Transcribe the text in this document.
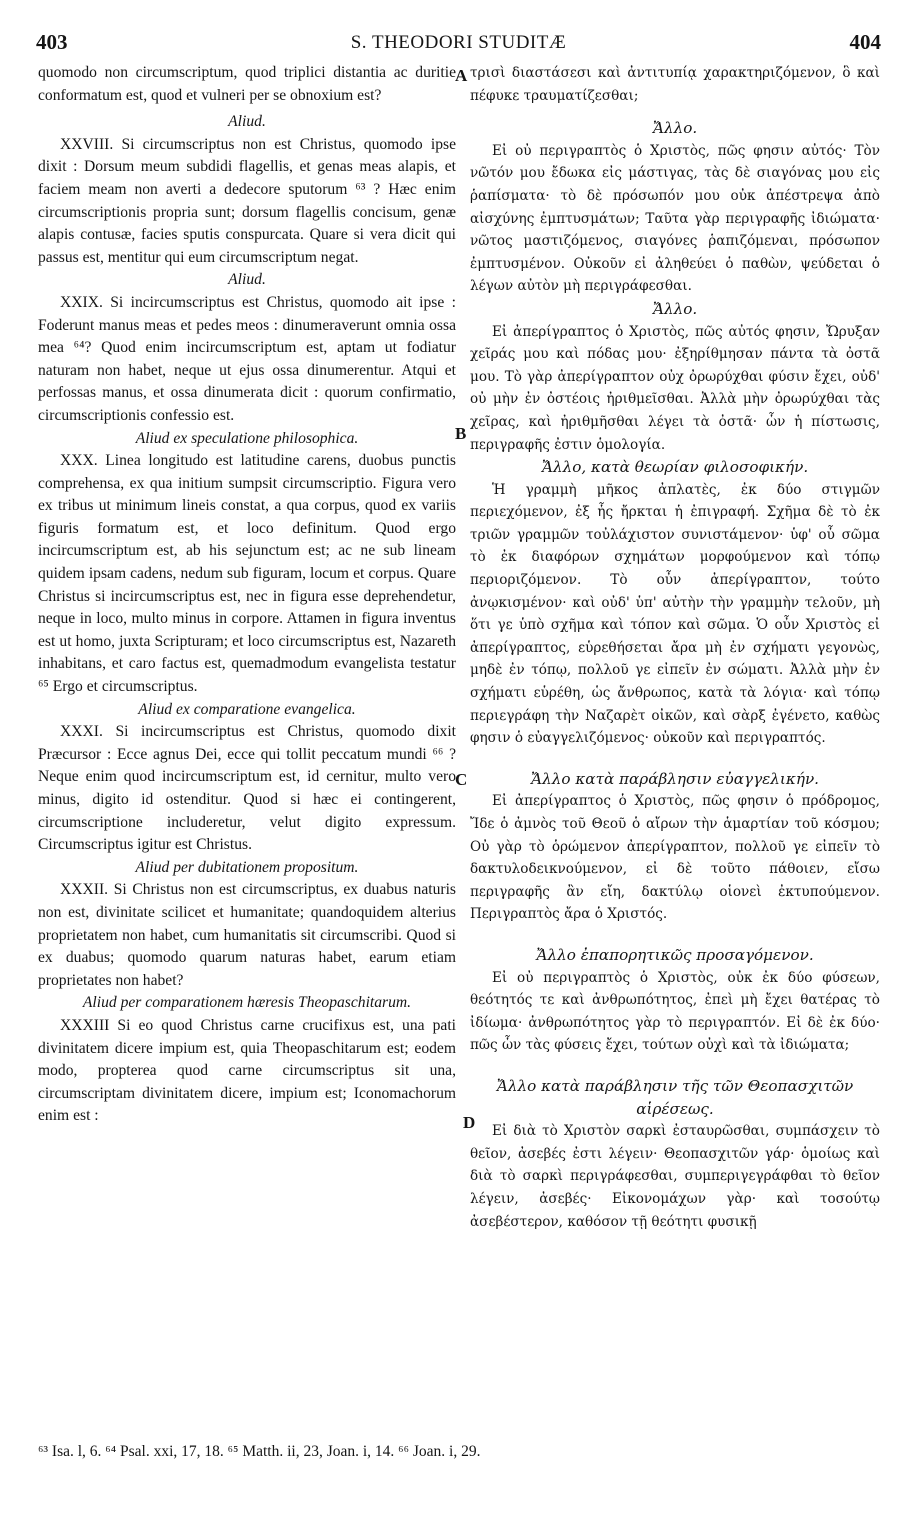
403	S. THEODORI STUDITÆ	404
A
B
C
D

quomodo non circumscriptum, quod triplici distantia ac duritie conformatum est, quod et vulneri per se obnoxium est?

Aliud.

XXVIII. Si circumscriptus non est Christus, quomodo ipse dixit : Dorsum meum subdidi flagellis, et genas meas alapis, et faciem meam non averti a dedecore sputorum ⁶³ ? Hæc enim circumscriptionis propria sunt; dorsum flagellis concisum, genæ alapis contusæ, facies sputis conspurcata. Quare si vera dicit qui passus est, mentitur qui eum circumscriptum negat.

Aliud.

XXIX. Si incircumscriptus est Christus, quomodo ait ipse : Foderunt manus meas et pedes meos : dinumeraverunt omnia ossa mea ⁶⁴? Quod enim incircumscriptum est, aptam ut fodiatur naturam non habet, neque ut ejus ossa dinumerentur. Atqui et perfossas manus, et ossa dinumerata dicit : quorum confirmatio, circumscriptionis confessio est.

Aliud ex speculatione philosophica.

XXX. Linea longitudo est latitudine carens, duobus punctis comprehensa, ex qua initium sumpsit circumscriptio. Figura vero ex tribus ut minimum lineis constat, a qua corpus, quod ex variis figuris formatum est, et loco definitum. Quod ergo incircumscriptum est, ab his sejunctum est; ac ne sub lineam quidem ipsam cadens, nedum sub figuram, locum et corpus. Quare Christus si incircumscriptus est, nec in figura esse deprehendetur, neque in loco, multo minus in corpore. Attamen in figura inventus est ut homo, juxta Scripturam; et loco circumscriptus est, Nazareth inhabitans, et caro factus est, quemadmodum evangelista testatur ⁶⁵ Ergo et circumscriptus.

Aliud ex comparatione evangelica.

XXXI. Si incircumscriptus est Christus, quomodo dixit Præcursor : Ecce agnus Dei, ecce qui tollit peccatum mundi ⁶⁶ ? Neque enim quod incircumscriptum est, id cernitur, multo vero minus, digito id ostenditur. Quod si hæc ei contingerent, circumscriptione includeretur, velut digito expressum. Circumscriptus igitur est Christus.

Aliud per dubitationem propositum.

XXXII. Si Christus non est circumscriptus, ex duabus naturis non est, divinitate scilicet et humanitate; quandoquidem alterius proprietatem non habet, cum humanitatis sit circumscribi. Quod si ex duabus; quomodo quarum naturas habet, earum etiam proprietates non habet?

Aliud per comparationem hæresis Theopaschitarum.

XXXIII Si eo quod Christus carne crucifixus est, una pati divinitatem dicere impium est, quia Theopaschitarum est; eodem modo, propterea quod carne circumscriptus sit una, circumscriptam divinitatem dicere, impium est; Iconomachorum enim est :

τρισὶ διαστάσεσι καὶ ἀντιτυπίᾳ χαρακτηριζόμενον, ὃ καὶ πέφυκε τραυματίζεσθαι;

Ἄλλο.

Εἰ οὐ περιγραπτὸς ὁ Χριστὸς, πῶς φησιν αὐτός· Τὸν νῶτόν μου ἔδωκα εἰς μάστιγας, τὰς δὲ σιαγόνας μου εἰς ῥαπίσματα· τὸ δὲ πρόσωπόν μου οὐκ ἀπέστρεψα ἀπὸ αἰσχύνης ἐμπτυσμάτων; Ταῦτα γὰρ περιγραφῆς ἰδιώματα· νῶτος μαστιζόμενος, σιαγόνες ῥαπιζόμεναι, πρόσωπον ἐμπτυσμένον. Οὐκοῦν εἰ ἀληθεύει ὁ παθὼν, ψεύδεται ὁ λέγων αὐτὸν μὴ περιγράφεσθαι.

Ἄλλο.

Εἰ ἀπερίγραπτος ὁ Χριστὸς, πῶς αὐτός φησιν, Ὤρυξαν χεῖράς μου καὶ πόδας μου· ἐξηρίθμησαν πάντα τὰ ὀστᾶ μου. Τὸ γὰρ ἀπερίγραπτον οὐχ ὀρωρύχθαι φύσιν ἔχει, οὐδ' οὐ μὴν ἐν ὀστέοις ἠριθμεῖσθαι. Ἀλλὰ μὴν ὀρωρύχθαι τὰς χεῖρας, καὶ ἠριθμῆσθαι λέγει τὰ ὀστᾶ· ὧν ἡ πίστωσις, περιγραφῆς ἐστιν ὁμολογία.

Ἄλλο, κατὰ θεωρίαν φιλοσοφικήν.

Ἡ γραμμὴ μῆκος ἀπλατὲς, ἐκ δύο στιγμῶν περιεχόμενον, ἐξ ἧς ἤρκται ἡ ἐπιγραφή. Σχῆμα δὲ τὸ ἐκ τριῶν γραμμῶν τοὐλάχιστον συνιστάμενον· ὑφ' οὗ σῶμα τὸ ἐκ διαφόρων σχημάτων μορφούμενον καὶ τόπῳ περιοριζόμενον. Τὸ οὖν ἀπερίγραπτον, τούτο ἀνῳκισμένον· καὶ οὐδ' ὑπ' αὐτὴν τὴν γραμμὴν τελοῦν, μὴ ὅτι γε ὑπὸ σχῆμα καὶ τόπον καὶ σῶμα. Ὁ οὖν Χριστὸς εἰ ἀπερίγραπτος, εὑρεθήσεται ἄρα μὴ ἐν σχήματι γεγονὼς, μηδὲ ἐν τόπῳ, πολλοῦ γε εἰπεῖν ἐν σώματι. Ἀλλὰ μὴν ἐν σχήματι εὑρέθη, ὡς ἄνθρωπος, κατὰ τὰ λόγια· καὶ τόπῳ περιεγράφη τὴν Ναζαρὲτ οἰκῶν, καὶ σὰρξ ἐγένετο, καθὼς φησιν ὁ εὐαγγελιζόμενος· οὐκοῦν καὶ περιγραπτός.

Ἄλλο κατὰ παράβλησιν εὐαγγελικήν.

Εἰ ἀπερίγραπτος ὁ Χριστὸς, πῶς φησιν ὁ πρόδρομος, Ἴδε ὁ ἀμνὸς τοῦ Θεοῦ ὁ αἴρων τὴν ἁμαρτίαν τοῦ κόσμου; Οὐ γὰρ τὸ ὁρώμενον ἀπερίγραπτον, πολλοῦ γε εἰπεῖν τὸ δακτυλοδεικνούμενον, εἰ δὲ τοῦτο πάθοιεν, εἴσω περιγραφῆς ἂν εἴη, δακτύλῳ οἱονεὶ ἐκτυπούμενον. Περιγραπτὸς ἄρα ὁ Χριστός.

Ἄλλο ἐπαπορητικῶς προσαγόμενον.

Εἰ οὐ περιγραπτὸς ὁ Χριστὸς, οὐκ ἐκ δύο φύσεων, θεότητός τε καὶ ἀνθρωπότητος, ἐπεὶ μὴ ἔχει θατέρας τὸ ἰδίωμα· ἀνθρωπότητος γὰρ τὸ περιγραπτόν. Εἰ δὲ ἐκ δύο· πῶς ὧν τὰς φύσεις ἔχει, τούτων οὐχὶ καὶ τὰ ἰδιώματα;

Ἄλλο κατὰ παράβλησιν τῆς τῶν Θεοπασχιτῶν αἱρέσεως.

Εἰ διὰ τὸ Χριστὸν σαρκὶ ἐσταυρῶσθαι, συμπάσχειν τὸ θεῖον, ἀσεβές ἐστι λέγειν· Θεοπασχιτῶν γάρ· ὁμοίως καὶ διὰ τὸ σαρκὶ περιγράφεσθαι, συμπεριγεγράφθαι τὸ θεῖον λέγειν, ἀσεβές· Εἰκονομάχων γὰρ· καὶ τοσούτῳ ἀσεβέστερον, καθόσον τῇ θεότητι φυσικῇ

⁶³ Isa. l, 6. ⁶⁴ Psal. xxi, 17, 18. ⁶⁵ Matth. ii, 23, Joan. i, 14. ⁶⁶ Joan. i, 29.
